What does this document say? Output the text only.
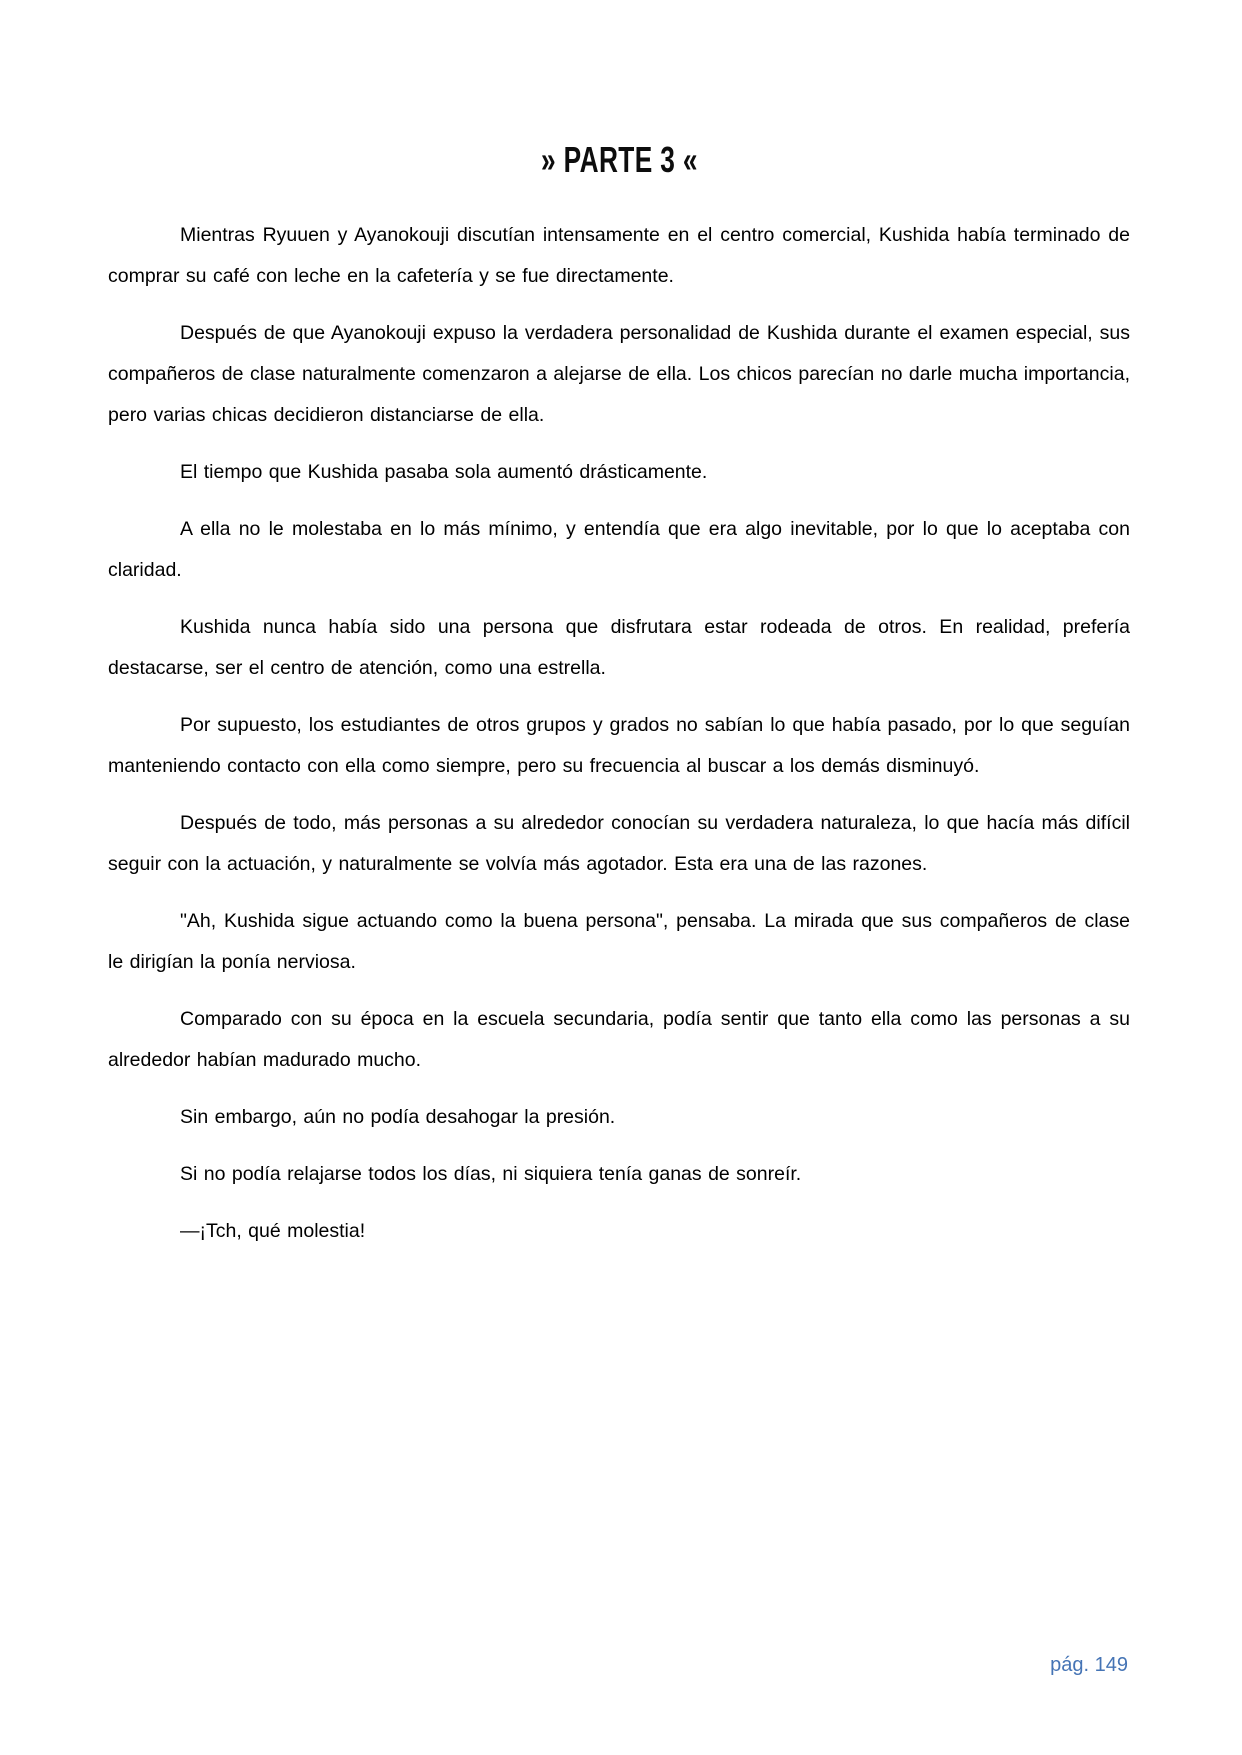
» PARTE 3 «

Mientras Ryuuen y Ayanokouji discutían intensamente en el centro comercial, Kushida había terminado de comprar su café con leche en la cafetería y se fue directamente.

Después de que Ayanokouji expuso la verdadera personalidad de Kushida durante el examen especial, sus compañeros de clase naturalmente comenzaron a alejarse de ella. Los chicos parecían no darle mucha importancia, pero varias chicas decidieron distanciarse de ella.

El tiempo que Kushida pasaba sola aumentó drásticamente.

A ella no le molestaba en lo más mínimo, y entendía que era algo inevitable, por lo que lo aceptaba con claridad.

Kushida nunca había sido una persona que disfrutara estar rodeada de otros. En realidad, prefería destacarse, ser el centro de atención, como una estrella.

Por supuesto, los estudiantes de otros grupos y grados no sabían lo que había pasado, por lo que seguían manteniendo contacto con ella como siempre, pero su frecuencia al buscar a los demás disminuyó.

Después de todo, más personas a su alrededor conocían su verdadera naturaleza, lo que hacía más difícil seguir con la actuación, y naturalmente se volvía más agotador. Esta era una de las razones.

"Ah, Kushida sigue actuando como la buena persona", pensaba. La mirada que sus compañeros de clase le dirigían la ponía nerviosa.

Comparado con su época en la escuela secundaria, podía sentir que tanto ella como las personas a su alrededor habían madurado mucho.

Sin embargo, aún no podía desahogar la presión.

Si no podía relajarse todos los días, ni siquiera tenía ganas de sonreír.

—¡Tch, qué molestia!

pág. 149
